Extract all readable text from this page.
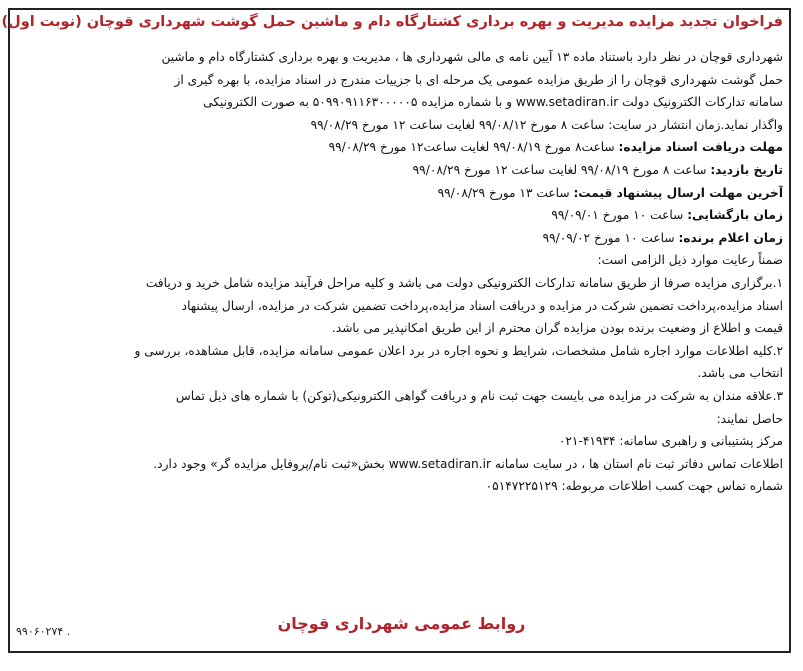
فراخوان تجدید مزایده مدیریت و بهره برداری کشتارگاه دام و ماشین حمل گوشت شهرداری قوچان (نوبت اول)

شهرداری قوچان در نظر دارد باستناد ماده ۱۳ آیین نامه ی مالی شهرداری ها ، مدیریت و بهره برداری کشتارگاه دام و ماشین

حمل گوشت شهرداری قوچان را از طریق مزایده عمومی یک مرحله ای با جزییات مندرج در اسناد مزایده، با بهره گیری از

سامانه تدارکات الکترونیک دولت www.setadiran.ir و با شماره مزایده ۵۰۹۹۰۹۱۱۶۳۰۰۰۰۰۵ به صورت الکترونیکی

واگذار نماید.زمان انتشار در سایت: ساعت ۸ مورخ ۹۹/۰۸/۱۲ لغایت ساعت ۱۲ مورخ ۹۹/۰۸/۲۹

مهلت دریافت اسناد مزایده: ساعت۸ مورخ ۹۹/۰۸/۱۹ لغایت ساعت۱۲ مورخ ۹۹/۰۸/۲۹

تاریخ بازدید: ساعت ۸ مورخ ۹۹/۰۸/۱۹ لغایت ساعت ۱۲ مورخ ۹۹/۰۸/۲۹

آخرین مهلت ارسال پیشنهاد قیمت: ساعت ۱۳ مورخ ۹۹/۰۸/۲۹

زمان بازگشایی: ساعت ۱۰ مورخ ۹۹/۰۹/۰۱

زمان اعلام برنده: ساعت ۱۰ مورخ ۹۹/۰۹/۰۲

ضمناً رعایت موارد ذیل الزامی است:

۱.برگزاری مزایده صرفا از طریق سامانه تدارکات الکترونیکی دولت می باشد و کلیه مراحل فرآیند مزایده شامل خرید و دریافت

اسناد مزایده،پرداخت تضمین شرکت در مزایده و دریافت اسناد مزایده،پرداخت تضمین شرکت در مزایده، ارسال پیشنهاد

قیمت و اطلاع از وضعیت برنده بودن مزایده گران محترم از این طریق امکانپذیر می باشد.

۲.کلیه اطلاعات موارد اجاره شامل مشخصات، شرایط و نحوه اجاره در برد اعلان عمومی سامانه مزایده، قابل مشاهده، بررسی و

انتخاب می باشد.

۳.علاقه مندان به شرکت در مزایده می بایست جهت ثبت نام و دریافت گواهی الکترونیکی(توکن) با شماره های ذیل تماس

حاصل نمایند:

مرکز پشتیبانی و راهبری سامانه: ۴۱۹۳۴-۰۲۱

اطلاعات تماس دفاتر ثبت نام استان ها ، در سایت سامانه www.setadiran.ir بخش«ثبت نام/پروفایل مزایده گر» وجود دارد.

شماره تماس جهت کسب اطلاعات مربوطه: ۰۵۱۴۷۲۲۵۱۲۹

روابط عمومی شهرداری قوچان
۹۹۰۶۰۲۷۴ .
